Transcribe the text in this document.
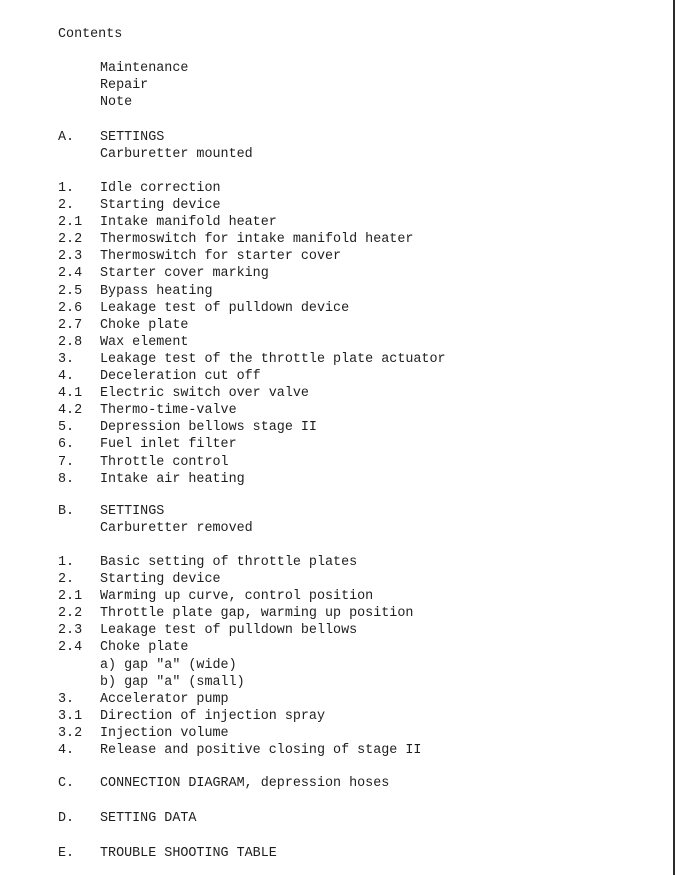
Contents
Maintenance
Repair
Note
A.	SETTINGS
Carburetter mounted
1.	Idle correction
2.	Starting device
2.1	Intake manifold heater
2.2	Thermoswitch for intake manifold heater
2.3	Thermoswitch for starter cover
2.4	Starter cover marking
2.5	Bypass heating
2.6	Leakage test of pulldown device
2.7	Choke plate
2.8	Wax element
3.	Leakage test of the throttle plate actuator
4.	Deceleration cut off
4.1	Electric switch over valve
4.2	Thermo-time-valve
5.	Depression bellows stage II
6.	Fuel inlet filter
7.	Throttle control
8.	Intake air heating
B.	SETTINGS
Carburetter removed
1.	Basic setting of throttle plates
2.	Starting device
2.1	Warming up curve, control position
2.2	Throttle plate gap, warming up position
2.3	Leakage test of pulldown bellows
2.4	Choke plate
a) gap "a" (wide)
b) gap "a" (small)
3.	Accelerator pump
3.1	Direction of injection spray
3.2	Injection volume
4.	Release and positive closing of stage II
C.	CONNECTION DIAGRAM, depression hoses
D.	SETTING DATA
E.	TROUBLE SHOOTING TABLE
